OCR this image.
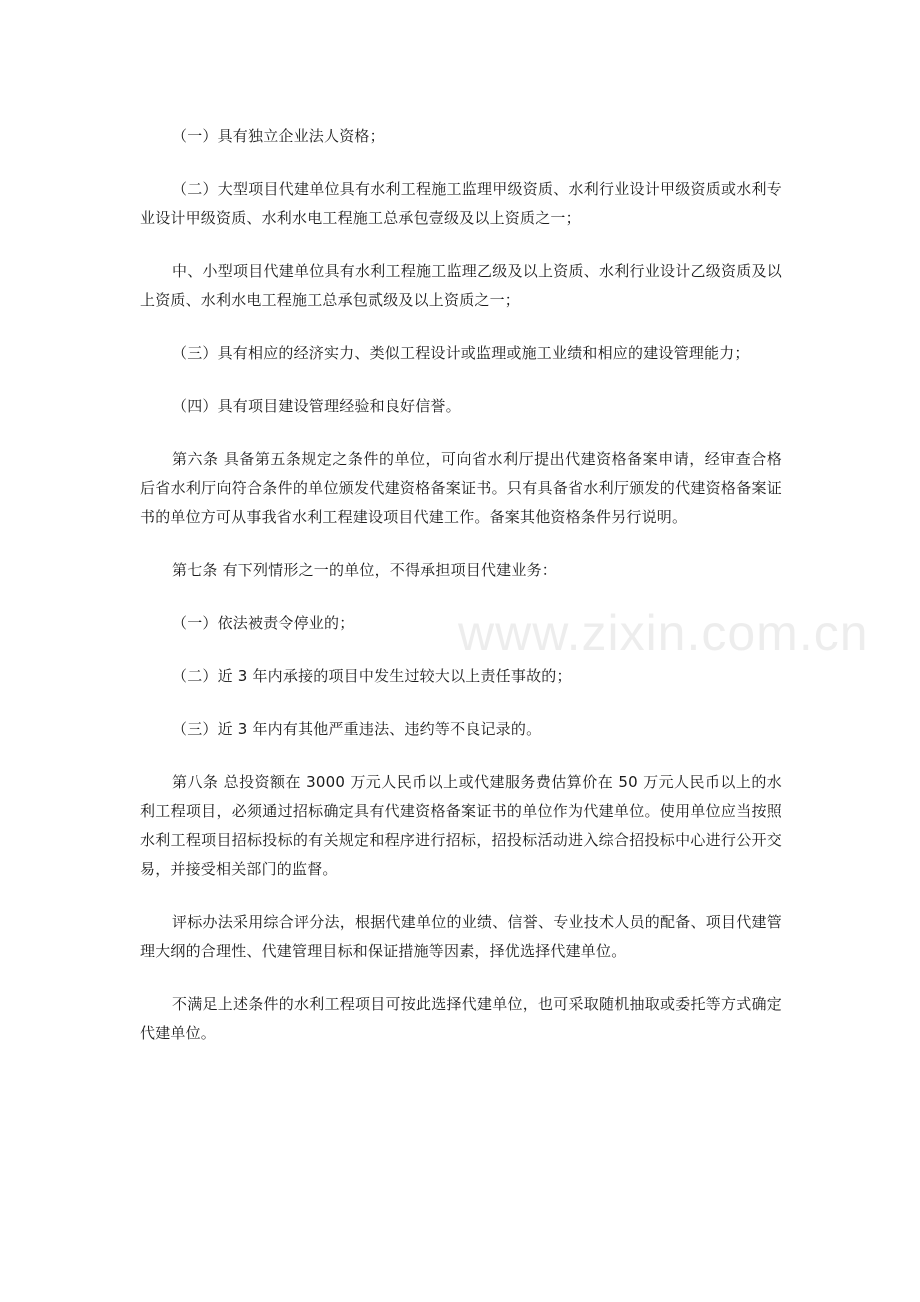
（一）具有独立企业法人资格；

（二）大型项目代建单位具有水利工程施工监理甲级资质、水利行业设计甲级资质或水利专业设计甲级资质、水利水电工程施工总承包壹级及以上资质之一；

中、小型项目代建单位具有水利工程施工监理乙级及以上资质、水利行业设计乙级资质及以上资质、水利水电工程施工总承包贰级及以上资质之一；

（三）具有相应的经济实力、类似工程设计或监理或施工业绩和相应的建设管理能力；

（四）具有项目建设管理经验和良好信誉。

第六条 具备第五条规定之条件的单位，可向省水利厅提出代建资格备案申请，经审查合格后省水利厅向符合条件的单位颁发代建资格备案证书。只有具备省水利厅颁发的代建资格备案证书的单位方可从事我省水利工程建设项目代建工作。备案其他资格条件另行说明。

第七条 有下列情形之一的单位，不得承担项目代建业务：

（一）依法被责令停业的；

（二）近 3 年内承接的项目中发生过较大以上责任事故的；

（三）近 3 年内有其他严重违法、违约等不良记录的。

第八条 总投资额在 3000 万元人民币以上或代建服务费估算价在 50 万元人民币以上的水利工程项目，必须通过招标确定具有代建资格备案证书的单位作为代建单位。使用单位应当按照水利工程项目招标投标的有关规定和程序进行招标，招投标活动进入综合招投标中心进行公开交易，并接受相关部门的监督。

评标办法采用综合评分法，根据代建单位的业绩、信誉、专业技术人员的配备、项目代建管理大纲的合理性、代建管理目标和保证措施等因素，择优选择代建单位。

不满足上述条件的水利工程项目可按此选择代建单位，也可采取随机抽取或委托等方式确定代建单位。

www.zixin.com.cn
